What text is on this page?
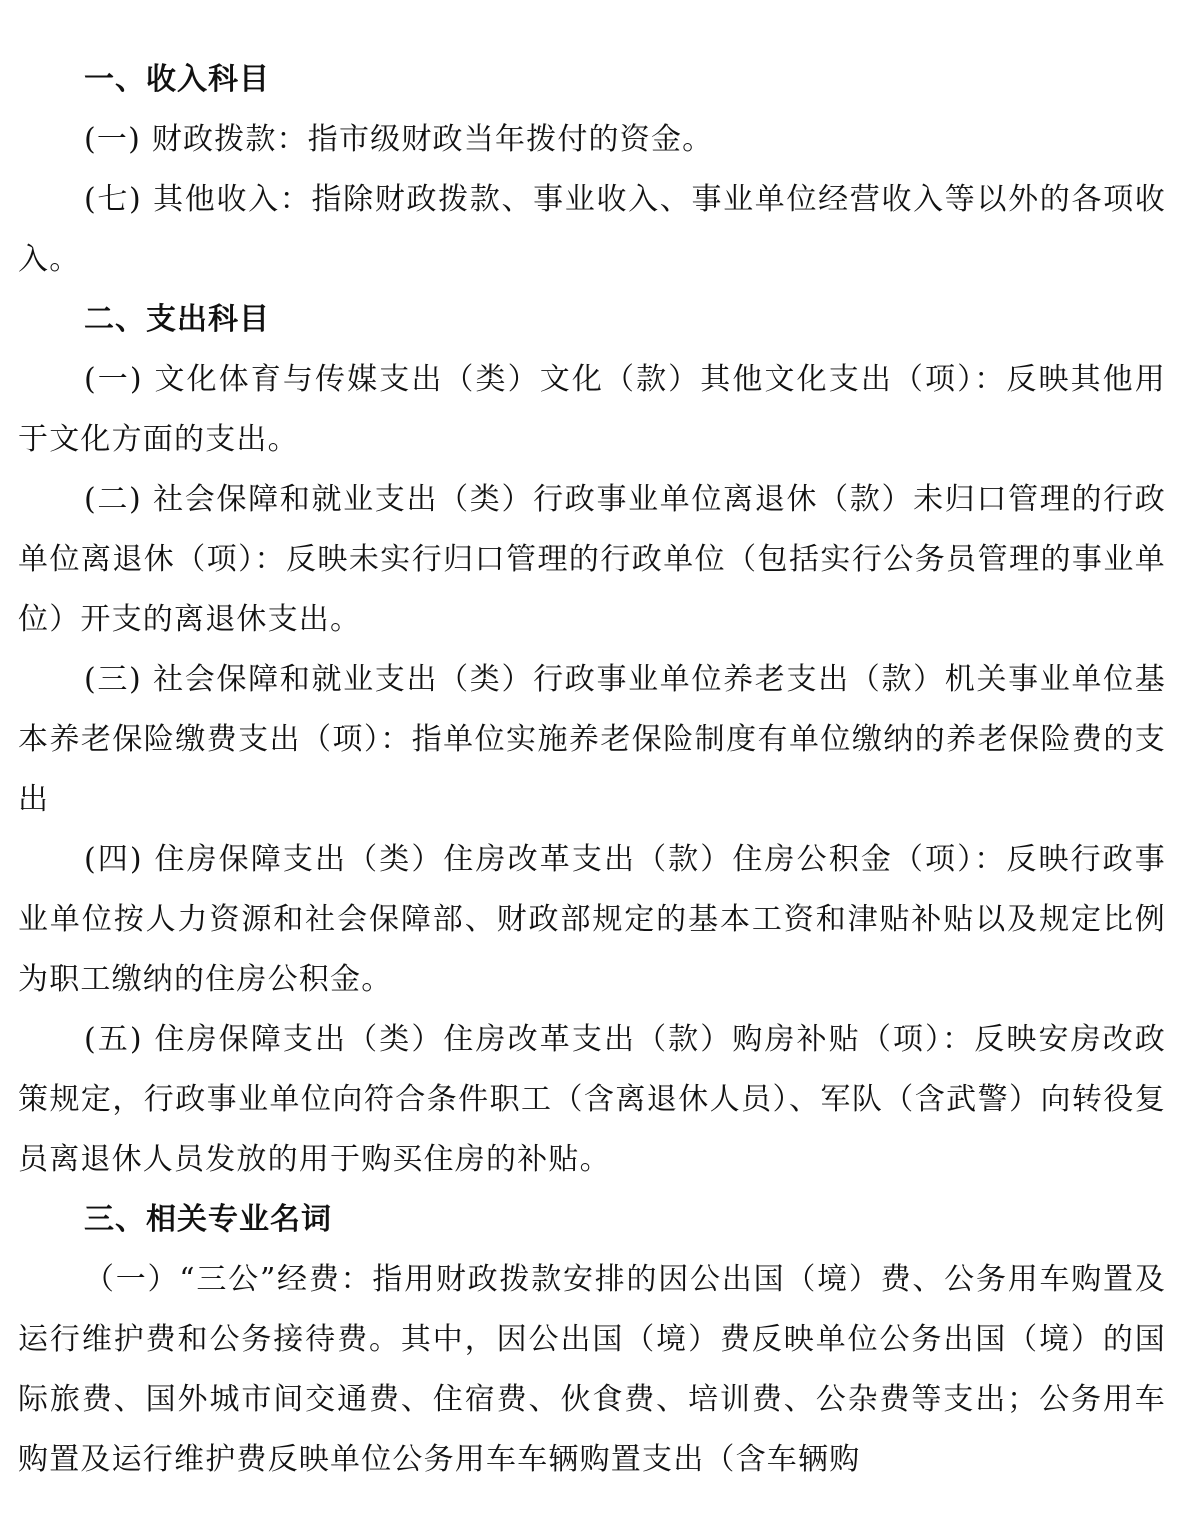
一、收入科目

(一) 财政拨款：指市级财政当年拨付的资金。

(七) 其他收入：指除财政拨款、事业收入、事业单位经营收入等以外的各项收入。

二、支出科目

(一) 文化体育与传媒支出（类）文化（款）其他文化支出（项）：反映其他用于文化方面的支出。

(二) 社会保障和就业支出（类）行政事业单位离退休（款）未归口管理的行政单位离退休（项）：反映未实行归口管理的行政单位（包括实行公务员管理的事业单位）开支的离退休支出。

(三) 社会保障和就业支出（类）行政事业单位养老支出（款）机关事业单位基本养老保险缴费支出（项）：指单位实施养老保险制度有单位缴纳的养老保险费的支出

(四) 住房保障支出（类）住房改革支出（款）住房公积金（项）：反映行政事业单位按人力资源和社会保障部、财政部规定的基本工资和津贴补贴以及规定比例为职工缴纳的住房公积金。

(五) 住房保障支出（类）住房改革支出（款）购房补贴（项）：反映安房改政策规定，行政事业单位向符合条件职工（含离退休人员）、军队（含武警）向转役复员离退休人员发放的用于购买住房的补贴。

三、相关专业名词

（一）“三公”经费：指用财政拨款安排的因公出国（境）费、公务用车购置及运行维护费和公务接待费。其中，因公出国（境）费反映单位公务出国（境）的国际旅费、国外城市间交通费、住宿费、伙食费、培训费、公杂费等支出；公务用车购置及运行维护费反映单位公务用车车辆购置支出（含车辆购
